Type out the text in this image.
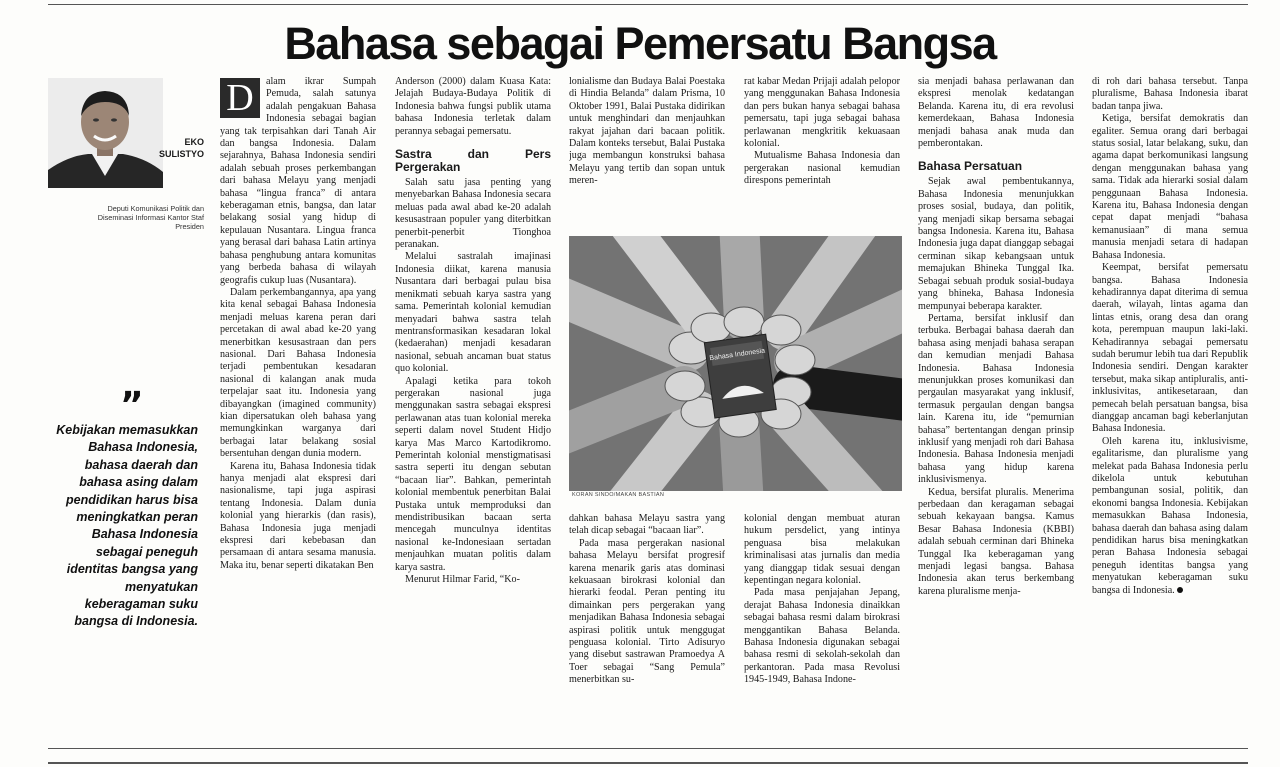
Bahasa sebagai Pemersatu Bangsa

EKO
SULISTYO

Deputi Komunikasi Politik dan Diseminasi Informasi Kantor Staf Presiden

”

Kebijakan memasukkan Bahasa Indonesia, bahasa daerah dan bahasa asing dalam pendidikan harus bisa meningkatkan peran Bahasa Indonesia sebagai peneguh identitas bangsa yang menyatukan keberagaman suku bangsa di Indonesia.

D	alam ikrar Sumpah Pemuda, salah satunya adalah pengakuan Bahasa Indonesia sebagai bagian yang tak terpisahkan dari Tanah Air dan bangsa Indonesia. Dalam sejarahnya, Bahasa Indonesia sendiri adalah sebuah proses perkembangan dari bahasa Melayu yang menjadi bahasa “lingua franca” di antara keberagaman etnis, bangsa, dan latar belakang sosial yang hidup di kepulauan Nusantara. Lingua franca yang berasal dari bahasa Latin artinya bahasa penghubung antara komunitas yang berbeda bahasa di wilayah geografis cukup luas (Nusantara).

Dalam perkembangannya, apa yang kita kenal sebagai Bahasa Indonesia menjadi meluas karena peran dari percetakan di awal abad ke-20 yang menerbitkan kesusastraan dan pers nasional. Dari Bahasa Indonesia terjadi pembentukan kesadaran nasional di kalangan anak muda terpelajar saat itu. Indonesia yang dibayangkan (imagined community) kian dipersatukan oleh bahasa yang memungkinkan warganya dari berbagai latar belakang sosial bersentuhan dengan dunia modern.

Karena itu, Bahasa Indonesia tidak hanya menjadi alat ekspresi dari nasionalisme, tapi juga aspirasi tentang Indonesia. Dalam dunia kolonial yang hierarkis (dan rasis), Bahasa Indonesia juga menjadi ekspresi dari kebebasan dan persamaan di antara sesama manusia. Maka itu, benar seperti dikatakan Ben

Anderson (2000) dalam Kuasa Kata: Jelajah Budaya-Budaya Politik di Indonesia bahwa fungsi publik utama bahasa Indonesia terletak dalam perannya sebagai pemersatu.

Sastra dan Pers Pergerakan

Salah satu jasa penting yang menyebarkan Bahasa Indonesia secara meluas pada awal abad ke-20 adalah kesusastraan populer yang diterbitkan penerbit-penerbit Tionghoa peranakan.

Melalui sastralah imajinasi Indonesia diikat, karena manusia Nusantara dari berbagai pulau bisa menikmati sebuah karya sastra yang sama. Pemerintah kolonial kemudian menyadari bahwa sastra telah mentransformasikan kesadaran lokal (kedaerahan) menjadi kesadaran nasional, sebuah ancaman buat status quo kolonial.

Apalagi ketika para tokoh pergerakan nasional juga menggunakan sastra sebagai ekspresi perlawanan atas tuan kolonial mereka seperti dalam novel Student Hidjo karya Mas Marco Kartodikromo. Pemerintah kolonial menstigmatisasi sastra seperti itu dengan sebutan “bacaan liar”. Bahkan, pemerintah kolonial membentuk penerbitan Balai Pustaka untuk memproduksi dan mendistribusikan bacaan serta mencegah munculnya identitas nasional ke-Indonesiaan sertadan menjauhkan muatan politis dalam karya sastra.

Menurut Hilmar Farid, “Ko-

lonialisme dan Budaya Balai Poestaka di Hindia Belanda” dalam Prisma, 10 Oktober 1991, Balai Pustaka didirikan untuk menghindari dan menjauhkan rakyat jajahan dari bacaan politik. Dalam konteks tersebut, Balai Pustaka juga membangun konstruksi bahasa Melayu yang tertib dan sopan untuk meren-

dahkan bahasa Melayu sastra yang telah dicap sebagai “bacaan liar”.

Pada masa pergerakan nasional bahasa Melayu bersifat progresif karena menarik garis atas dominasi kekuasaan birokrasi kolonial dan hierarki feodal. Peran penting itu dimainkan pers pergerakan yang menjadikan Bahasa Indonesia sebagai aspirasi politik untuk menggugat penguasa kolonial. Tirto Adisuryo yang disebut sastrawan Pramoedya A Toer sebagai “Sang Pemula” menerbitkan su-

rat kabar Medan Prijaji adalah pelopor yang menggunakan Bahasa Indonesia dan pers bukan hanya sebagai bahasa pemersatu, tapi juga sebagai bahasa perlawanan mengkritik kekuasaan kolonial.

Mutualisme Bahasa Indonesia dan pergerakan nasional kemudian direspons pemerintah

kolonial dengan membuat aturan hukum persdelict, yang intinya penguasa bisa melakukan kriminalisasi atas jurnalis dan media yang dianggap tidak sesuai dengan kepentingan negara kolonial.

Pada masa penjajahan Jepang, derajat Bahasa Indonesia dinaikkan sebagai bahasa resmi dalam birokrasi menggantikan Bahasa Belanda. Bahasa Indonesia digunakan sebagai bahasa resmi di sekolah-sekolah dan perkantoran. Pada masa Revolusi 1945-1949, Bahasa Indone-

Bahasa Indonesia
KORAN SINDO/MAKAN BASTIAN

sia menjadi bahasa perlawanan dan ekspresi menolak kedatangan Belanda. Karena itu, di era revolusi kemerdekaan, Bahasa Indonesia menjadi bahasa anak muda dan pemberontakan.

Bahasa Persatuan

Sejak awal pembentukannya, Bahasa Indonesia menunjukkan proses sosial, budaya, dan politik, yang menjadi sikap bersama sebagai bangsa Indonesia. Karena itu, Bahasa Indonesia juga dapat dianggap sebagai cerminan sikap kebangsaan untuk memajukan Bhineka Tunggal Ika. Sebagai sebuah produk sosial-budaya yang bhineka, Bahasa Indonesia mempunyai beberapa karakter.

Pertama, bersifat inklusif dan terbuka. Berbagai bahasa daerah dan bahasa asing menjadi bahasa serapan dan kemudian menjadi Bahasa Indonesia. Bahasa Indonesia menunjukkan proses komunikasi dan pergaulan masyarakat yang inklusif, termasuk pergaulan dengan bangsa lain. Karena itu, ide “pemurnian bahasa” bertentangan dengan prinsip inklusif yang menjadi roh dari Bahasa Indonesia. Bahasa Indonesia menjadi bahasa yang hidup karena inklusivismenya.

Kedua, bersifat pluralis. Menerima perbedaan dan keragaman sebagai sebuah kekayaan bangsa. Kamus Besar Bahasa Indonesia (KBBI) adalah sebuah cerminan dari Bhineka Tunggal Ika keberagaman yang menjadi legasi bangsa. Bahasa Indonesia akan terus berkembang karena pluralisme menja-

di roh dari bahasa tersebut. Tanpa pluralisme, Bahasa Indonesia ibarat badan tanpa jiwa.

Ketiga, bersifat demokratis dan egaliter. Semua orang dari berbagai status sosial, latar belakang, suku, dan agama dapat berkomunikasi langsung dengan menggunakan bahasa yang sama. Tidak ada hierarki sosial dalam penggunaan Bahasa Indonesia. Karena itu, Bahasa Indonesia dengan cepat dapat menjadi “bahasa kemanusiaan” di mana semua manusia menjadi setara di hadapan Bahasa Indonesia.

Keempat, bersifat pemersatu bangsa. Bahasa Indonesia kehadirannya dapat diterima di semua daerah, wilayah, lintas agama dan lintas etnis, orang desa dan orang kota, perempuan maupun laki-laki. Kehadirannya sebagai pemersatu sudah berumur lebih tua dari Republik Indonesia sendiri. Dengan karakter tersebut, maka sikap antipluralis, anti-inklusivitas, antikesetaraan, dan pemecah belah persatuan bangsa, bisa dianggap ancaman bagi keberlanjutan Bahasa Indonesia.

Oleh karena itu, inklusivisme, egalitarisme, dan pluralisme yang melekat pada Bahasa Indonesia perlu dikelola untuk kebutuhan pembangunan sosial, politik, dan ekonomi bangsa Indonesia. Kebijakan memasukkan Bahasa Indonesia, bahasa daerah dan bahasa asing dalam pendidikan harus bisa meningkatkan peran Bahasa Indonesia sebagai peneguh identitas bangsa yang menyatukan keberagaman suku bangsa di Indonesia.
